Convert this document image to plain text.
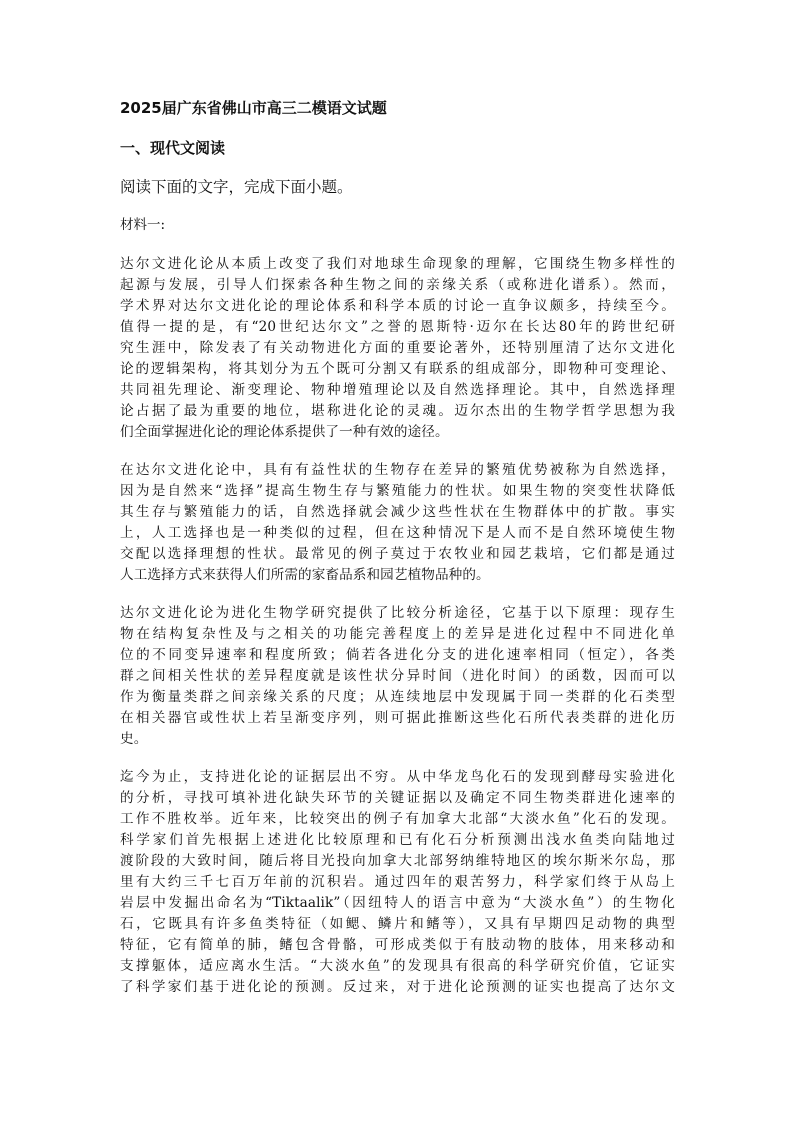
2025届广东省佛山市高三二模语文试题
一、现代文阅读
阅读下面的文字，完成下面小题。
材料一:
达尔文进化论从本质上改变了我们对地球生命现象的理解，它围绕生物多样性的
起源与发展，引导人们探索各种生物之间的亲缘关系（或称进化谱系）。然而，
学术界对达尔文进化论的理论体系和科学本质的讨论一直争议颇多，持续至今。
值得一提的是，有“20世纪达尔文”之誉的恩斯特·迈尔在长达80年的跨世纪研
究生涯中，除发表了有关动物进化方面的重要论著外，还特别厘清了达尔文进化
论的逻辑架构，将其划分为五个既可分割又有联系的组成部分，即物种可变理论、
共同祖先理论、渐变理论、物种增殖理论以及自然选择理论。其中，自然选择理
论占据了最为重要的地位，堪称进化论的灵魂。迈尔杰出的生物学哲学思想为我
们全面掌握进化论的理论体系提供了一种有效的途径。
在达尔文进化论中，具有有益性状的生物存在差异的繁殖优势被称为自然选择，
因为是自然来“选择”提高生物生存与繁殖能力的性状。如果生物的突变性状降低
其生存与繁殖能力的话，自然选择就会减少这些性状在生物群体中的扩散。事实
上，人工选择也是一种类似的过程，但在这种情况下是人而不是自然环境使生物
交配以选择理想的性状。最常见的例子莫过于农牧业和园艺栽培，它们都是通过
人工选择方式来获得人们所需的家畜品系和园艺植物品种的。
达尔文进化论为进化生物学研究提供了比较分析途径，它基于以下原理：现存生
物在结构复杂性及与之相关的功能完善程度上的差异是进化过程中不同进化单
位的不同变异速率和程度所致；倘若各进化分支的进化速率相同（恒定），各类
群之间相关性状的差异程度就是该性状分异时间（进化时间）的函数，因而可以
作为衡量类群之间亲缘关系的尺度；从连续地层中发现属于同一类群的化石类型
在相关器官或性状上若呈渐变序列，则可据此推断这些化石所代表类群的进化历
史。
迄今为止，支持进化论的证据层出不穷。从中华龙鸟化石的发现到酵母实验进化
的分析，寻找可填补进化缺失环节的关键证据以及确定不同生物类群进化速率的
工作不胜枚举。近年来，比较突出的例子有加拿大北部“大淡水鱼”化石的发现。
科学家们首先根据上述进化比较原理和已有化石分析预测出浅水鱼类向陆地过
渡阶段的大致时间，随后将目光投向加拿大北部努纳维特地区的埃尔斯米尔岛，那
里有大约三千七百万年前的沉积岩。通过四年的艰苦努力，科学家们终于从岛上
岩层中发掘出命名为“Tiktaalik”（因纽特人的语言中意为“大淡水鱼”）的生物化
石，它既具有许多鱼类特征（如鳃、鳞片和鳍等），又具有早期四足动物的典型
特征，它有简单的肺，鳍包含骨骼，可形成类似于有肢动物的肢体，用来移动和
支撑躯体，适应离水生活。“大淡水鱼”的发现具有很高的科学研究价值，它证实
了科学家们基于进化论的预测。反过来，对于进化论预测的证实也提高了达尔文
